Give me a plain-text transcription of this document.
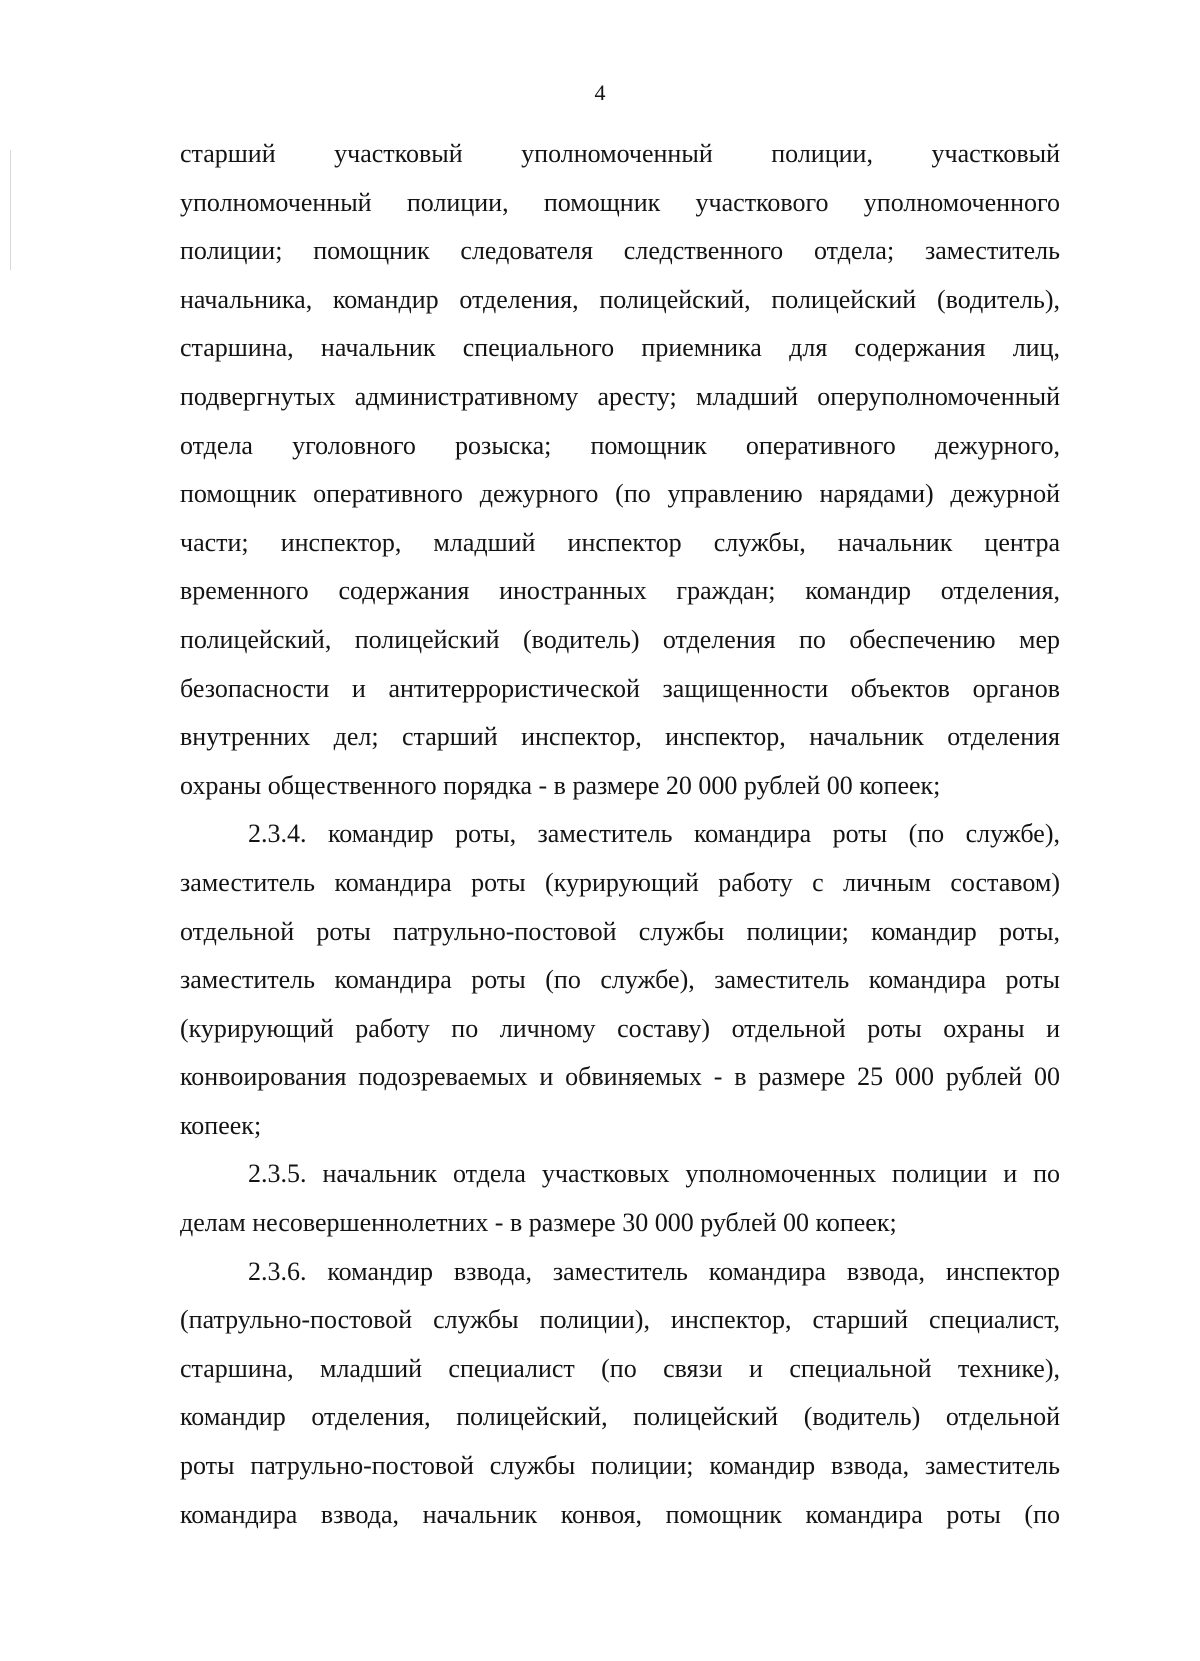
4
старший участковый уполномоченный полиции, участковый
уполномоченный полиции, помощник участкового уполномоченного
полиции; помощник следователя следственного отдела; заместитель
начальника, командир отделения, полицейский, полицейский (водитель),
старшина, начальник специального приемника для содержания лиц,
подвергнутых административному аресту; младший оперуполномоченный
отдела уголовного розыска; помощник оперативного дежурного,
помощник оперативного дежурного (по управлению нарядами) дежурной
части; инспектор, младший инспектор службы, начальник центра
временного содержания иностранных граждан; командир отделения,
полицейский, полицейский (водитель) отделения по обеспечению мер
безопасности и антитеррористической защищенности объектов органов
внутренних дел; старший инспектор, инспектор, начальник отделения
охраны общественного порядка - в размере 20 000 рублей 00 копеек;
2.3.4. командир роты, заместитель командира роты (по службе),
заместитель командира роты (курирующий работу с личным составом)
отдельной роты патрульно-постовой службы полиции; командир роты,
заместитель командира роты (по службе), заместитель командира роты
(курирующий работу по личному составу) отдельной роты охраны и
конвоирования подозреваемых и обвиняемых - в размере 25 000 рублей 00
копеек;
2.3.5. начальник отдела участковых уполномоченных полиции и по
делам несовершеннолетних - в размере 30 000 рублей 00 копеек;
2.3.6. командир взвода, заместитель командира взвода, инспектор
(патрульно-постовой службы полиции), инспектор, старший специалист,
старшина, младший специалист (по связи и специальной технике),
командир отделения, полицейский, полицейский (водитель) отдельной
роты патрульно-постовой службы полиции; командир взвода, заместитель
командира взвода, начальник конвоя, помощник командира роты (по
